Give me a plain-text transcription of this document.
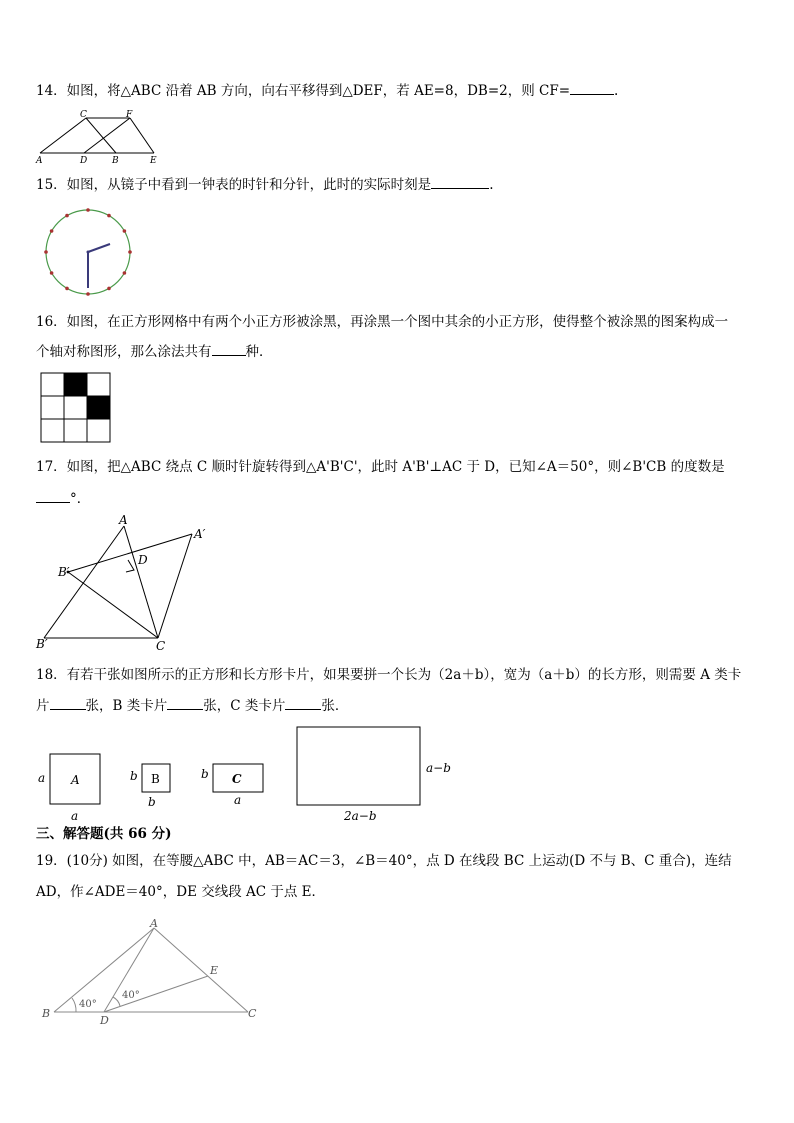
14．如图，将△ABC 沿着 AB 方向，向右平移得到△DEF，若 AE=8，DB=2，则 CF=	.
A
C	F
D	B	E
15．如图，从镜子中看到一钟表的时针和分针，此时的实际时刻是	.
16．如图，在正方形网格中有两个小正方形被涂黑，再涂黑一个图中其余的小正方形，使得整个被涂黑的图案构成一
个轴对称图形，那么涂法共有	种．
17．如图，把△ABC 绕点 C 顺时针旋转得到△A'B'C'，此时 A'B'⊥AC 于 D，已知∠A＝50°，则∠B'CB 的度数是
°．
A
A′
D
B′
B′	C
18．有若干张如图所示的正方形和长方形卡片，如果要拼一个长为（2a＋b），宽为（a＋b）的长方形，则需要 A 类卡
片	张，B 类卡片	张，C 类卡片	张．
A
a
a
B
b
b
C
b
a
a−b
2a−b
三、解答题(共 66 分)
19．(10分) 如图，在等腰△ABC 中，AB＝AC＝3，∠B＝40°，点 D 在线段 BC 上运动(D 不与 B、C 重合)，连结
AD，作∠ADE＝40°，DE 交线段 AC 于点 E．
A
B
D
E
C
40°
40°
